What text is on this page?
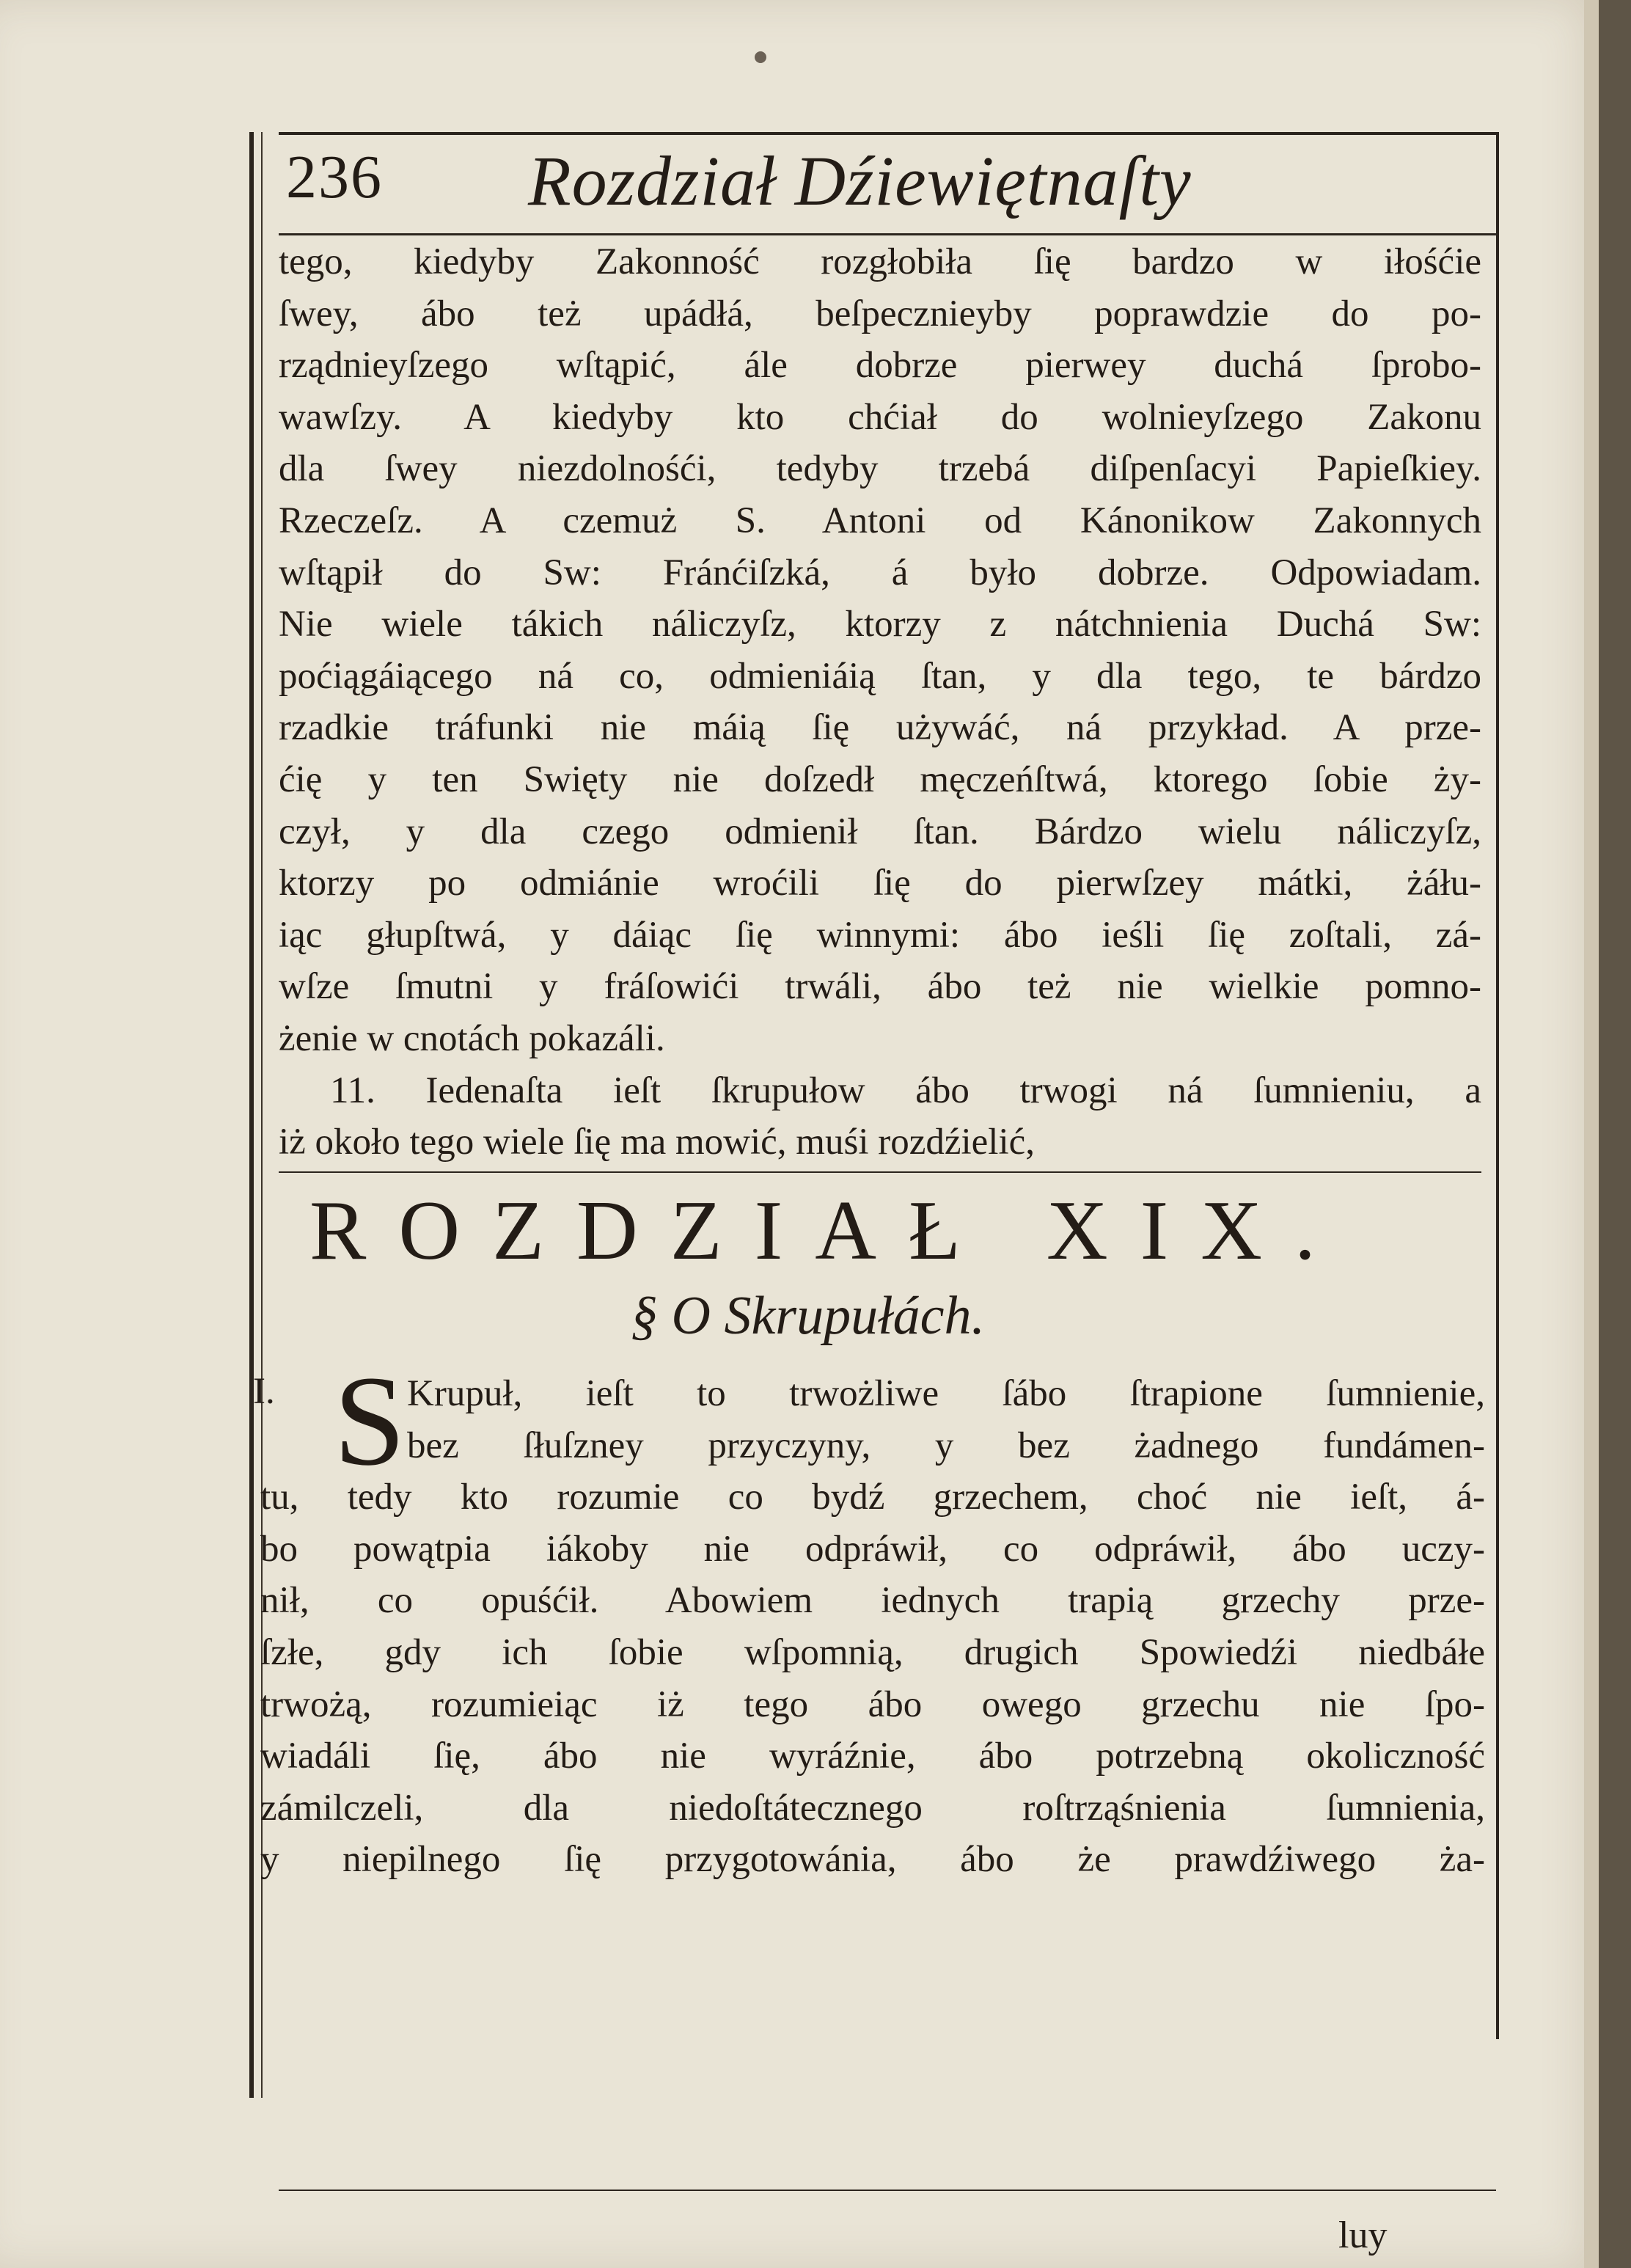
236 Rozdział Dźiewiętnaſty
tego, kiedyby Zakonność rozgłobiła ſię bardzo w iłośćie
ſwey, ábo też upádłá, beſpecznieyby poprawdzie do po-
rządnieyſzego wſtąpić, ále dobrze pierwey duchá ſprobo-
wawſzy. A kiedyby kto chćiał do wolnieyſzego Zakonu
dla ſwey niezdolnośći, tedyby trzebá diſpenſacyi Papieſkiey.
Rzeczeſz. A czemuż S. Antoni od Kánonikow Zakonnych
wſtąpił do Sw: Fránćiſzká, á było dobrze. Odpowiadam.
Nie wiele tákich náliczyſz, ktorzy z nátchnienia Duchá Sw:
poćiągáiącego ná co, odmieniáią ſtan, y dla tego, te bárdzo
rzadkie tráfunki nie máią ſię używáć, ná przykład. A prze-
ćię y ten Swięty nie doſzedł męczeńſtwá, ktorego ſobie ży-
czył, y dla czego odmienił ſtan. Bárdzo wielu náliczyſz,
ktorzy po odmiánie wroćili ſię do pierwſzey mátki, żáłu-
iąc głupſtwá, y dáiąc ſię winnymi: ábo ieśli ſię zoſtali, zá-
wſze ſmutni y fráſowići trwáli, ábo też nie wielkie pomno-
żenie w cnotách pokazáli.
11. Iedenaſta ieſt ſkrupułow ábo trwogi ná ſumnieniu, a
iż około tego wiele ſię ma mowić, muśi rozdźielić,
ROZDZIAŁ XIX.
§ O Skrupułách.
I. S Krupuł, ieſt to trwożliwe ſábo ſtrapione ſumnienie,
bez ſłuſzney przyczyny, y bez żadnego fundámen-
tu, tedy kto rozumie co bydź grzechem, choć nie ieſt, á-
bo powątpia iákoby nie odpráwił, co odpráwił, ábo uczy-
nił, co opuśćił. Abowiem iednych trapią grzechy prze-
ſzłe, gdy ich ſobie wſpomnią, drugich Spowiedźi niedbáłe
trwożą, rozumieiąc iż tego ábo owego grzechu nie ſpo-
wiadáli ſię, ábo nie wyráźnie, ábo potrzebną okoliczność
zámilczeli, dla niedoſtátecznego roſtrząśnienia ſumnienia,
y niepilnego ſię przygotowánia, ábo że prawdźiwego ża-
luy
